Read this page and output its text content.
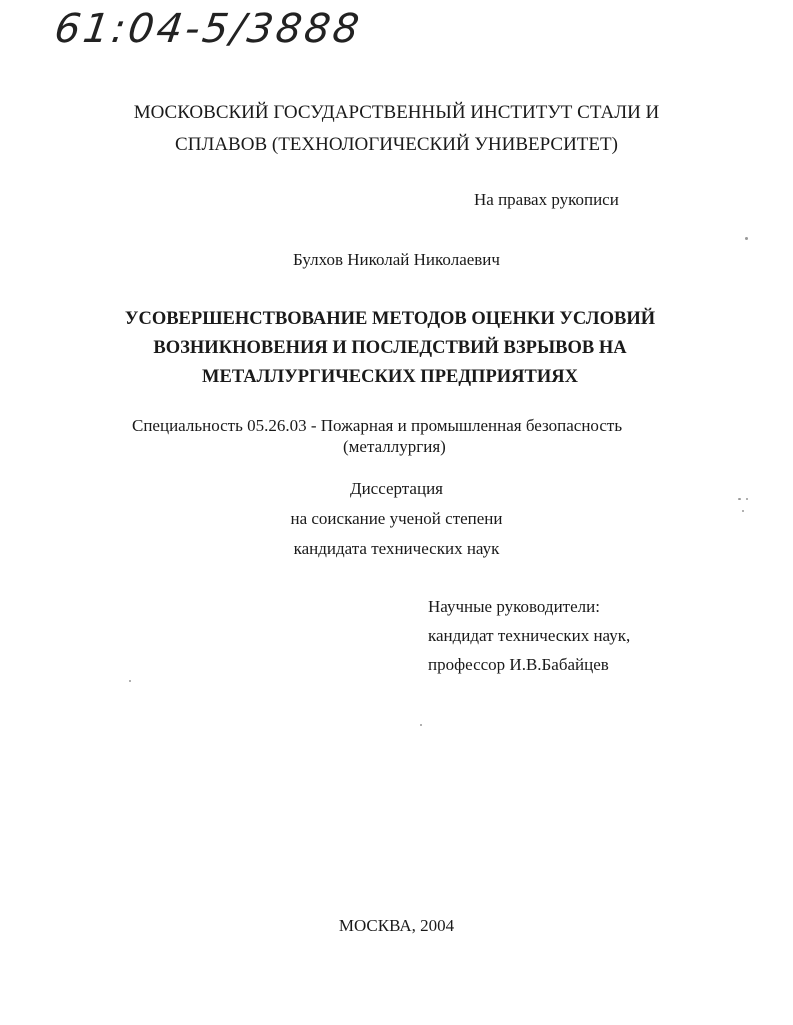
61:04-5/3888
МОСКОВСКИЙ ГОСУДАРСТВЕННЫЙ ИНСТИТУТ СТАЛИ И
СПЛАВОВ (ТЕХНОЛОГИЧЕСКИЙ УНИВЕРСИТЕТ)
На правах рукописи
Булхов Николай Николаевич
УСОВЕРШЕНСТВОВАНИЕ МЕТОДОВ ОЦЕНКИ УСЛОВИЙ
ВОЗНИКНОВЕНИЯ И ПОСЛЕДСТВИЙ ВЗРЫВОВ НА
МЕТАЛЛУРГИЧЕСКИХ ПРЕДПРИЯТИЯХ
Специальность 05.26.03 - Пожарная и промышленная безопасность
(металлургия)
Диссертация
на соискание ученой степени
кандидата технических наук
Научные руководители:
кандидат технических наук,
профессор И.В.Бабайцев
МОСКВА, 2004
